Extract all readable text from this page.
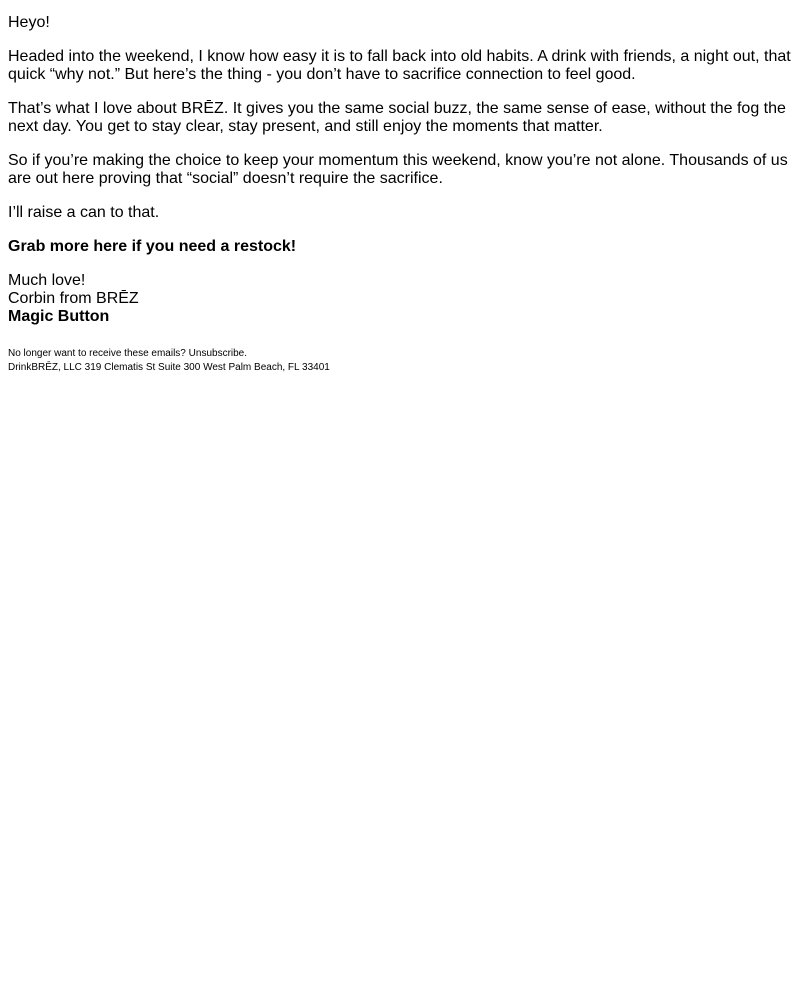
Heyo!

Headed into the weekend, I know how easy it is to fall back into old habits. A drink with friends, a night out, that quick “why not.” But here’s the thing - you don’t have to sacrifice connection to feel good.

That’s what I love about BRĒZ. It gives you the same social buzz, the same sense of ease, without the fog the next day. You get to stay clear, stay present, and still enjoy the moments that matter.

So if you’re making the choice to keep your momentum this weekend, know you’re not alone. Thousands of us are out here proving that “social” doesn’t require the sacrifice.

I’ll raise a can to that.

Grab more here if you need a restock!

Much love!
Corbin from BRĒZ
Magic Button
No longer want to receive these emails? Unsubscribe.
DrinkBRĒZ, LLC 319 Clematis St Suite 300 West Palm Beach, FL 33401
